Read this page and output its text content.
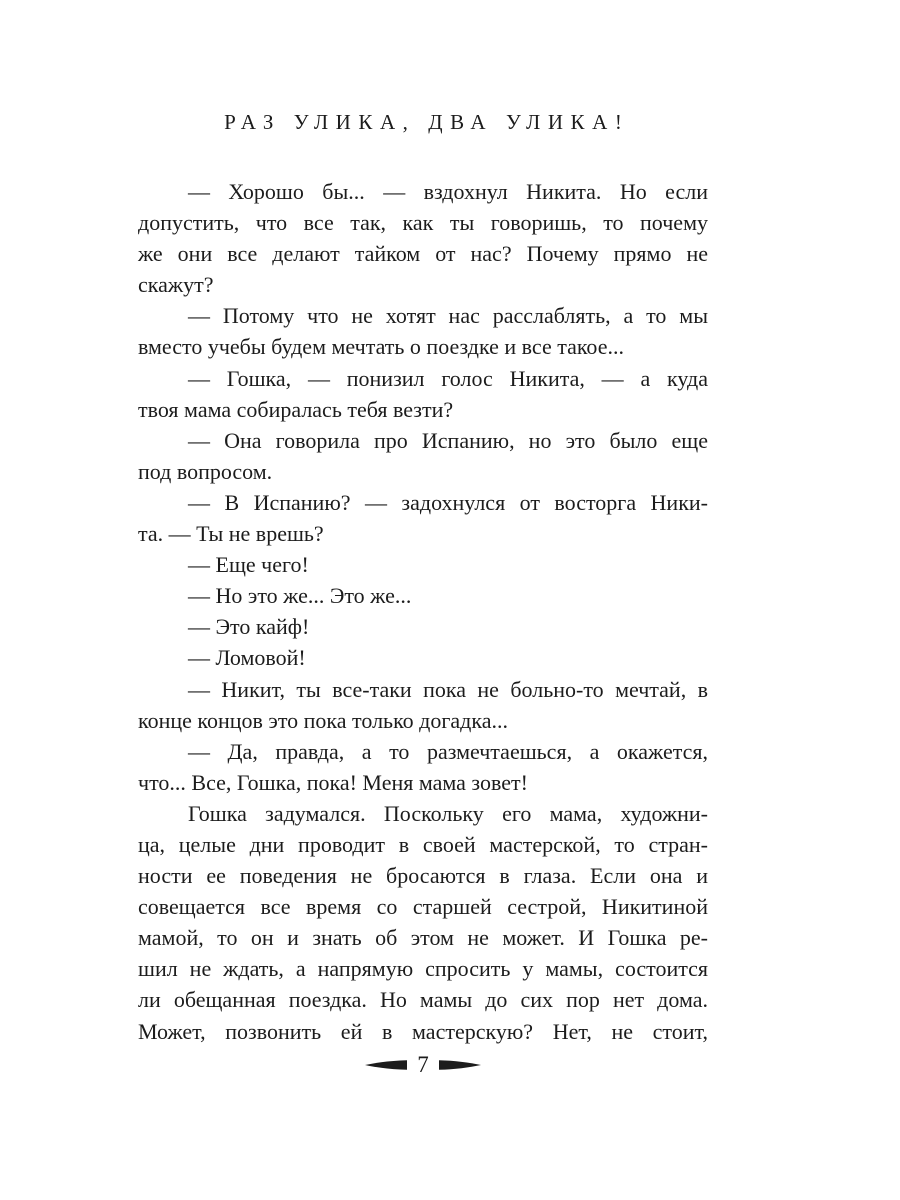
РАЗ УЛИКА, ДВА УЛИКА!
— Хорошо бы... — вздохнул Никита. Но если
допустить, что все так, как ты говоришь, то почему
же они все делают тайком от нас? Почему прямо не
скажут?
— Потому что не хотят нас расслаблять, а то мы
вместо учебы будем мечтать о поездке и все такое...
— Гошка, — понизил голос Никита, — а куда
твоя мама собиралась тебя везти?
— Она говорила про Испанию, но это было еще
под вопросом.
— В Испанию? — задохнулся от восторга Ники-
та. — Ты не врешь?
— Еще чего!
— Но это же... Это же...
— Это кайф!
— Ломовой!
— Никит, ты все-таки пока не больно-то мечтай, в
конце концов это пока только догадка...
— Да, правда, а то размечтаешься, а окажется,
что... Все, Гошка, пока! Меня мама зовет!
Гошка задумался. Поскольку его мама, художни-
ца, целые дни проводит в своей мастерской, то стран-
ности ее поведения не бросаются в глаза. Если она и
совещается все время со старшей сестрой, Никитиной
мамой, то он и знать об этом не может. И Гошка ре-
шил не ждать, а напрямую спросить у мамы, состоится
ли обещанная поездка. Но мамы до сих пор нет дома.
Может, позвонить ей в мастерскую? Нет, не стоит,
7
